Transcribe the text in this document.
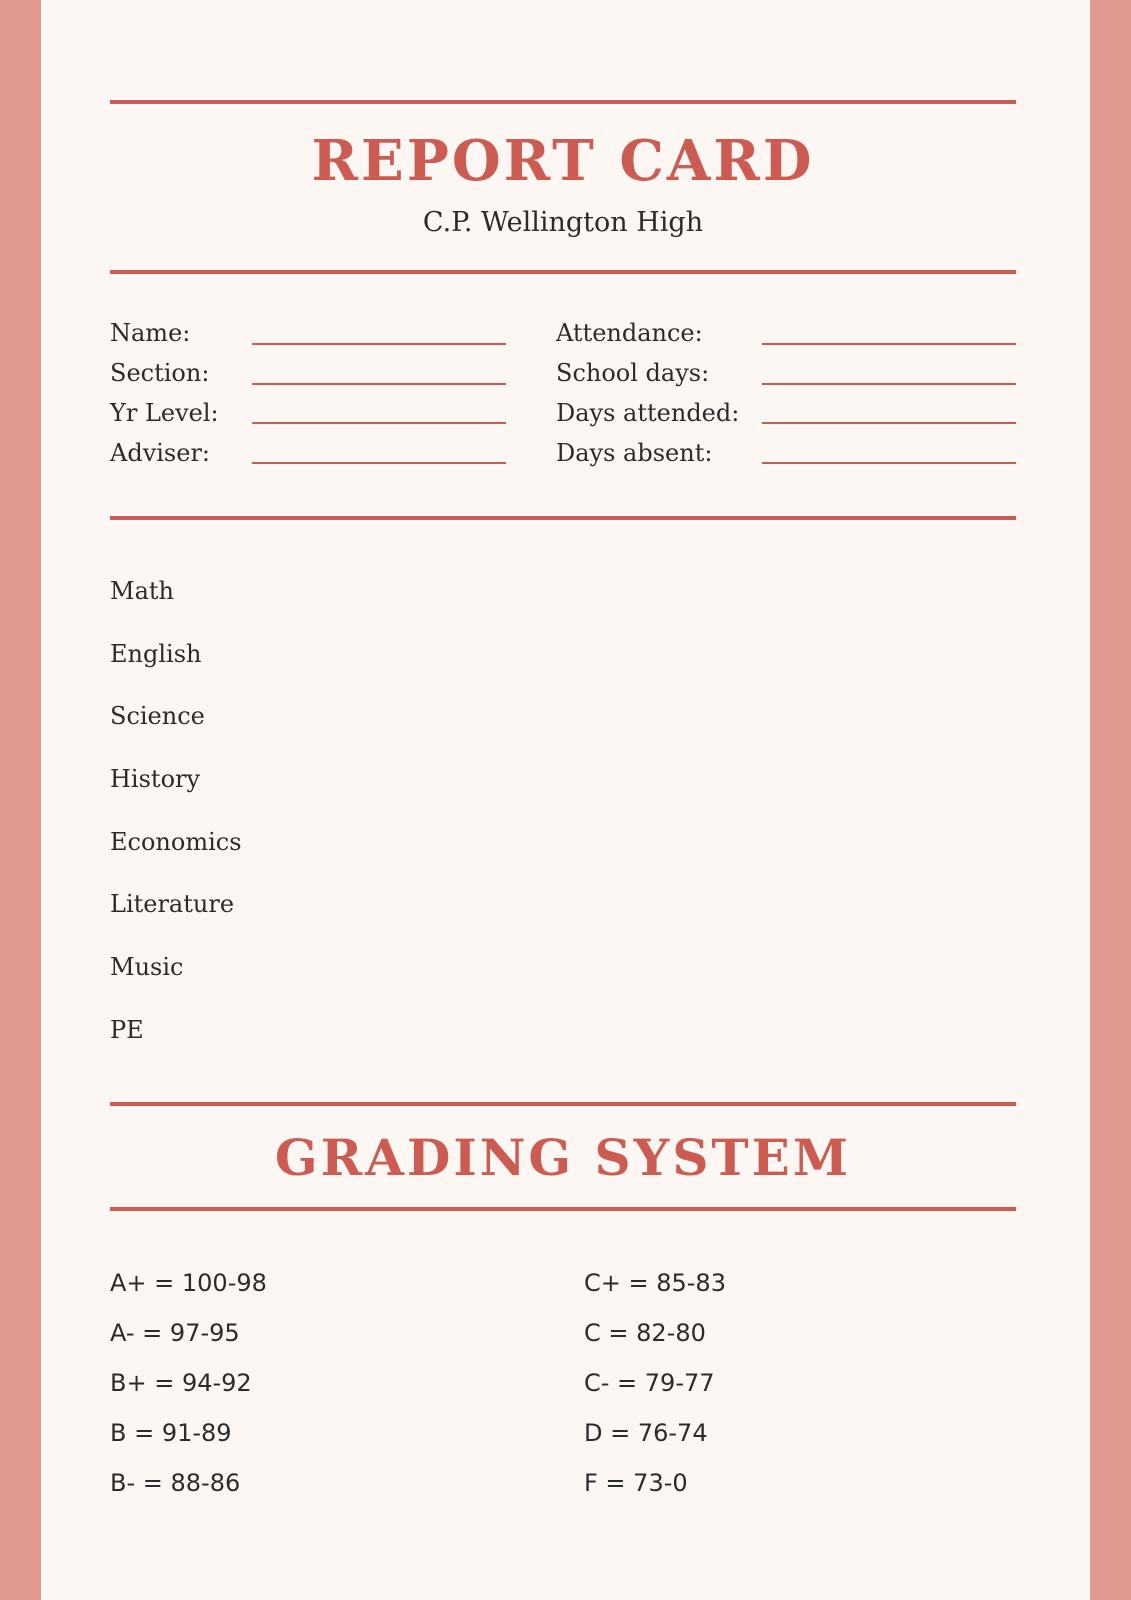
REPORT CARD
C.P. Wellington High
Name:
Section:
Yr Level:
Adviser:
Attendance:
School days:
Days attended:
Days absent:
Math
English
Science
History
Economics
Literature
Music
PE
GRADING SYSTEM
A+ = 100-98
A- = 97-95
B+ = 94-92
B = 91-89
B- = 88-86
C+ = 85-83
C = 82-80
C- = 79-77
D = 76-74
F = 73-0
